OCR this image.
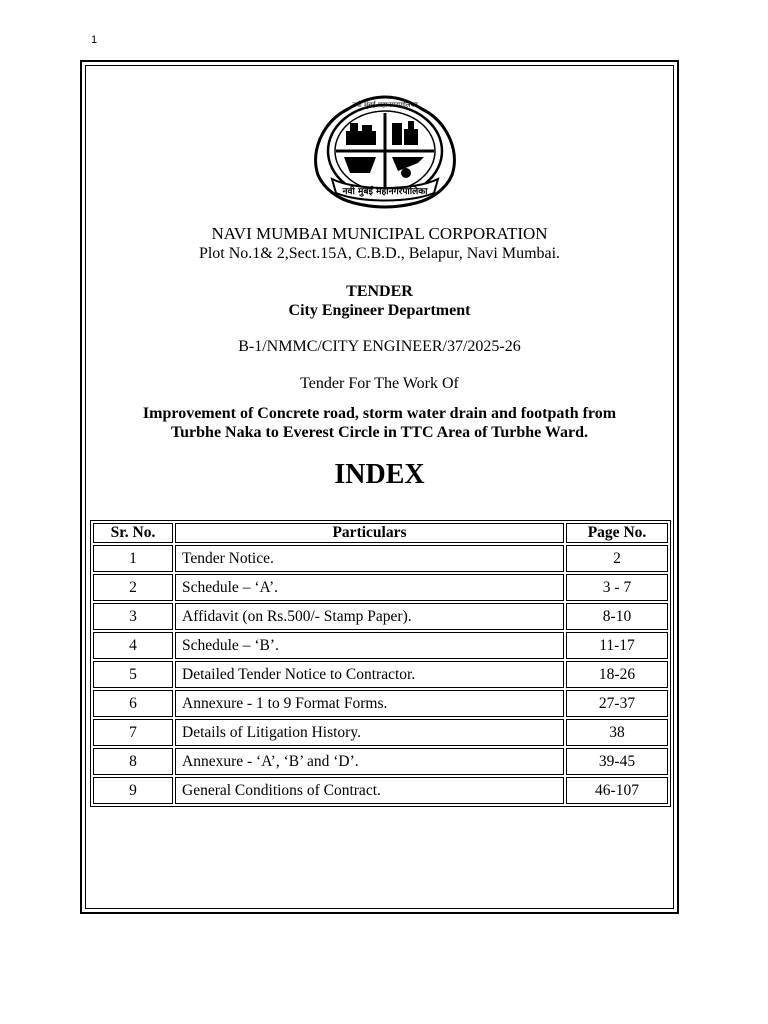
1
नवी मुंबई महानगरपालिका
नवी मुंबई महानगरपालिका
NAVI MUMBAI MUNICIPAL CORPORATION
Plot No.1& 2,Sect.15A, C.B.D., Belapur, Navi Mumbai.
TENDER
City Engineer Department
B-1/NMMC/CITY ENGINEER/37/2025-26
Tender For The Work Of
Improvement of Concrete road, storm water drain and footpath from
Turbhe Naka to Everest Circle in TTC Area of Turbhe Ward.
INDEX
Sr. No.	Particulars	Page No.
1	Tender Notice.	2
2	Schedule – ‘A’.	3 - 7
3	Affidavit (on Rs.500/- Stamp Paper).	8-10
4	Schedule – ‘B’.	11-17
5	Detailed Tender Notice to Contractor.	18-26
6	Annexure - 1 to 9 Format Forms.	27-37
7	Details of Litigation History.	38
8	Annexure - ‘A’, ‘B’ and ‘D’.	39-45
9	General Conditions of Contract.	46-107
